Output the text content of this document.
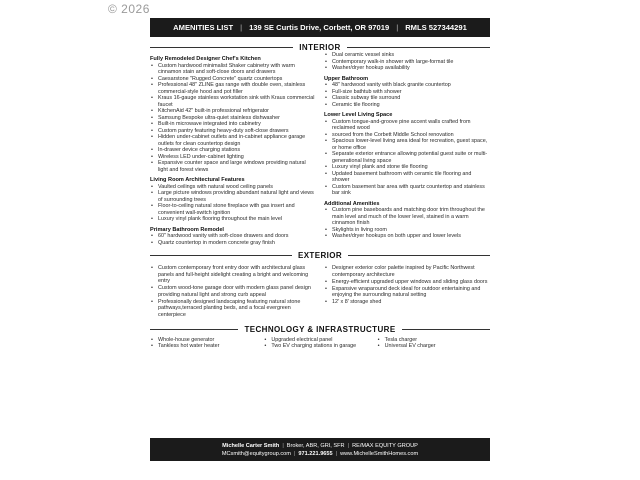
© 2026
AMENITIES LIST | 139 SE Curtis Drive, Corbett, OR 97019 | RMLS 527344291
INTERIOR
Fully Remodeled Designer Chef's Kitchen
• Custom hardwood minimalist Shaker cabinetry with warm cinnamon stain and soft-close doors and drawers
• Caesarstone "Rugged Concrete" quartz countertops
• Professional 48" ZLINE gas range with double oven, stainless commercial-style hood and pot filler
• Kraus 16-gauge stainless workstation sink with Kraus commercial faucet
• KitchenAid 42" built-in professional refrigerator
• Samsung Bespoke ultra-quiet stainless dishwasher
• Built-in microwave integrated into cabinetry
• Custom pantry featuring heavy-duty soft-close drawers
• Hidden under-cabinet outlets and in-cabinet appliance garage outlets for clean countertop design
• In-drawer device charging stations
• Wireless LED under-cabinet lighting
• Expansive counter space and large windows providing natural light and forest views
Living Room Architectural Features
• Vaulted ceilings with natural wood ceiling panels
• Large picture windows providing abundant natural light and views of surrounding trees
• Floor-to-ceiling natural stone fireplace with gas insert and convenient wall-switch ignition
• Luxury vinyl plank flooring throughout the main level
Primary Bathroom Remodel
• 60" hardwood vanity with soft-close drawers and doors
• Quartz countertop in modern concrete gray finish
• Dual ceramic vessel sinks
• Contemporary walk-in shower with large-format tile
• Washer/dryer hookup availability
Upper Bathroom
• 48" hardwood vanity with black granite countertop
• Full-size bathtub with shower
• Classic subway tile surround
• Ceramic tile flooring
Lower Level Living Space
• Custom tongue-and-groove pine accent walls crafted from reclaimed wood
• sourced from the Corbett Middle School renovation
• Spacious lower-level living area ideal for recreation, guest space, or home office
• Separate exterior entrance allowing potential guest suite or multi-generational living space
• Luxury vinyl plank and stone tile flooring
• Updated basement bathroom with ceramic tile flooring and shower
• Custom basement bar area with quartz countertop and stainless bar sink
Additional Amenities
• Custom pine baseboards and matching door trim throughout the main level and much of the lower level, stained in a warm cinnamon finish
• Skylights in living room
• Washer/dryer hookups on both upper and lower levels
EXTERIOR
• Custom contemporary front entry door with architectural glass panels and full-height sidelight creating a bright and welcoming entry
• Custom wood-tone garage door with modern glass panel design providing natural light and strong curb appeal
• Professionally designed landscaping featuring natural stone pathways,terraced planting beds, and a focal evergreen centerpiece
• Designer exterior color palette inspired by Pacific Northwest contemporary architecture
• Energy-efficient upgraded upper windows and sliding glass doors
• Expansive wraparound deck ideal for outdoor entertaining and enjoying the surrounding natural setting
• 12' x 8' storage shed
TECHNOLOGY & INFRASTRUCTURE
• Whole-house generator
• Tankless hot water heater
• Upgraded electrical panel
• Two EV charging stations in garage
• Tesla charger
• Universal EV charger
Michelle Carter Smith | Broker, ABR, GRI, SFR | RE/MAX EQUITY GROUP
MCsmith@equitygroup.com | 971.221.9655 | www.MichelleSmithHomes.com
